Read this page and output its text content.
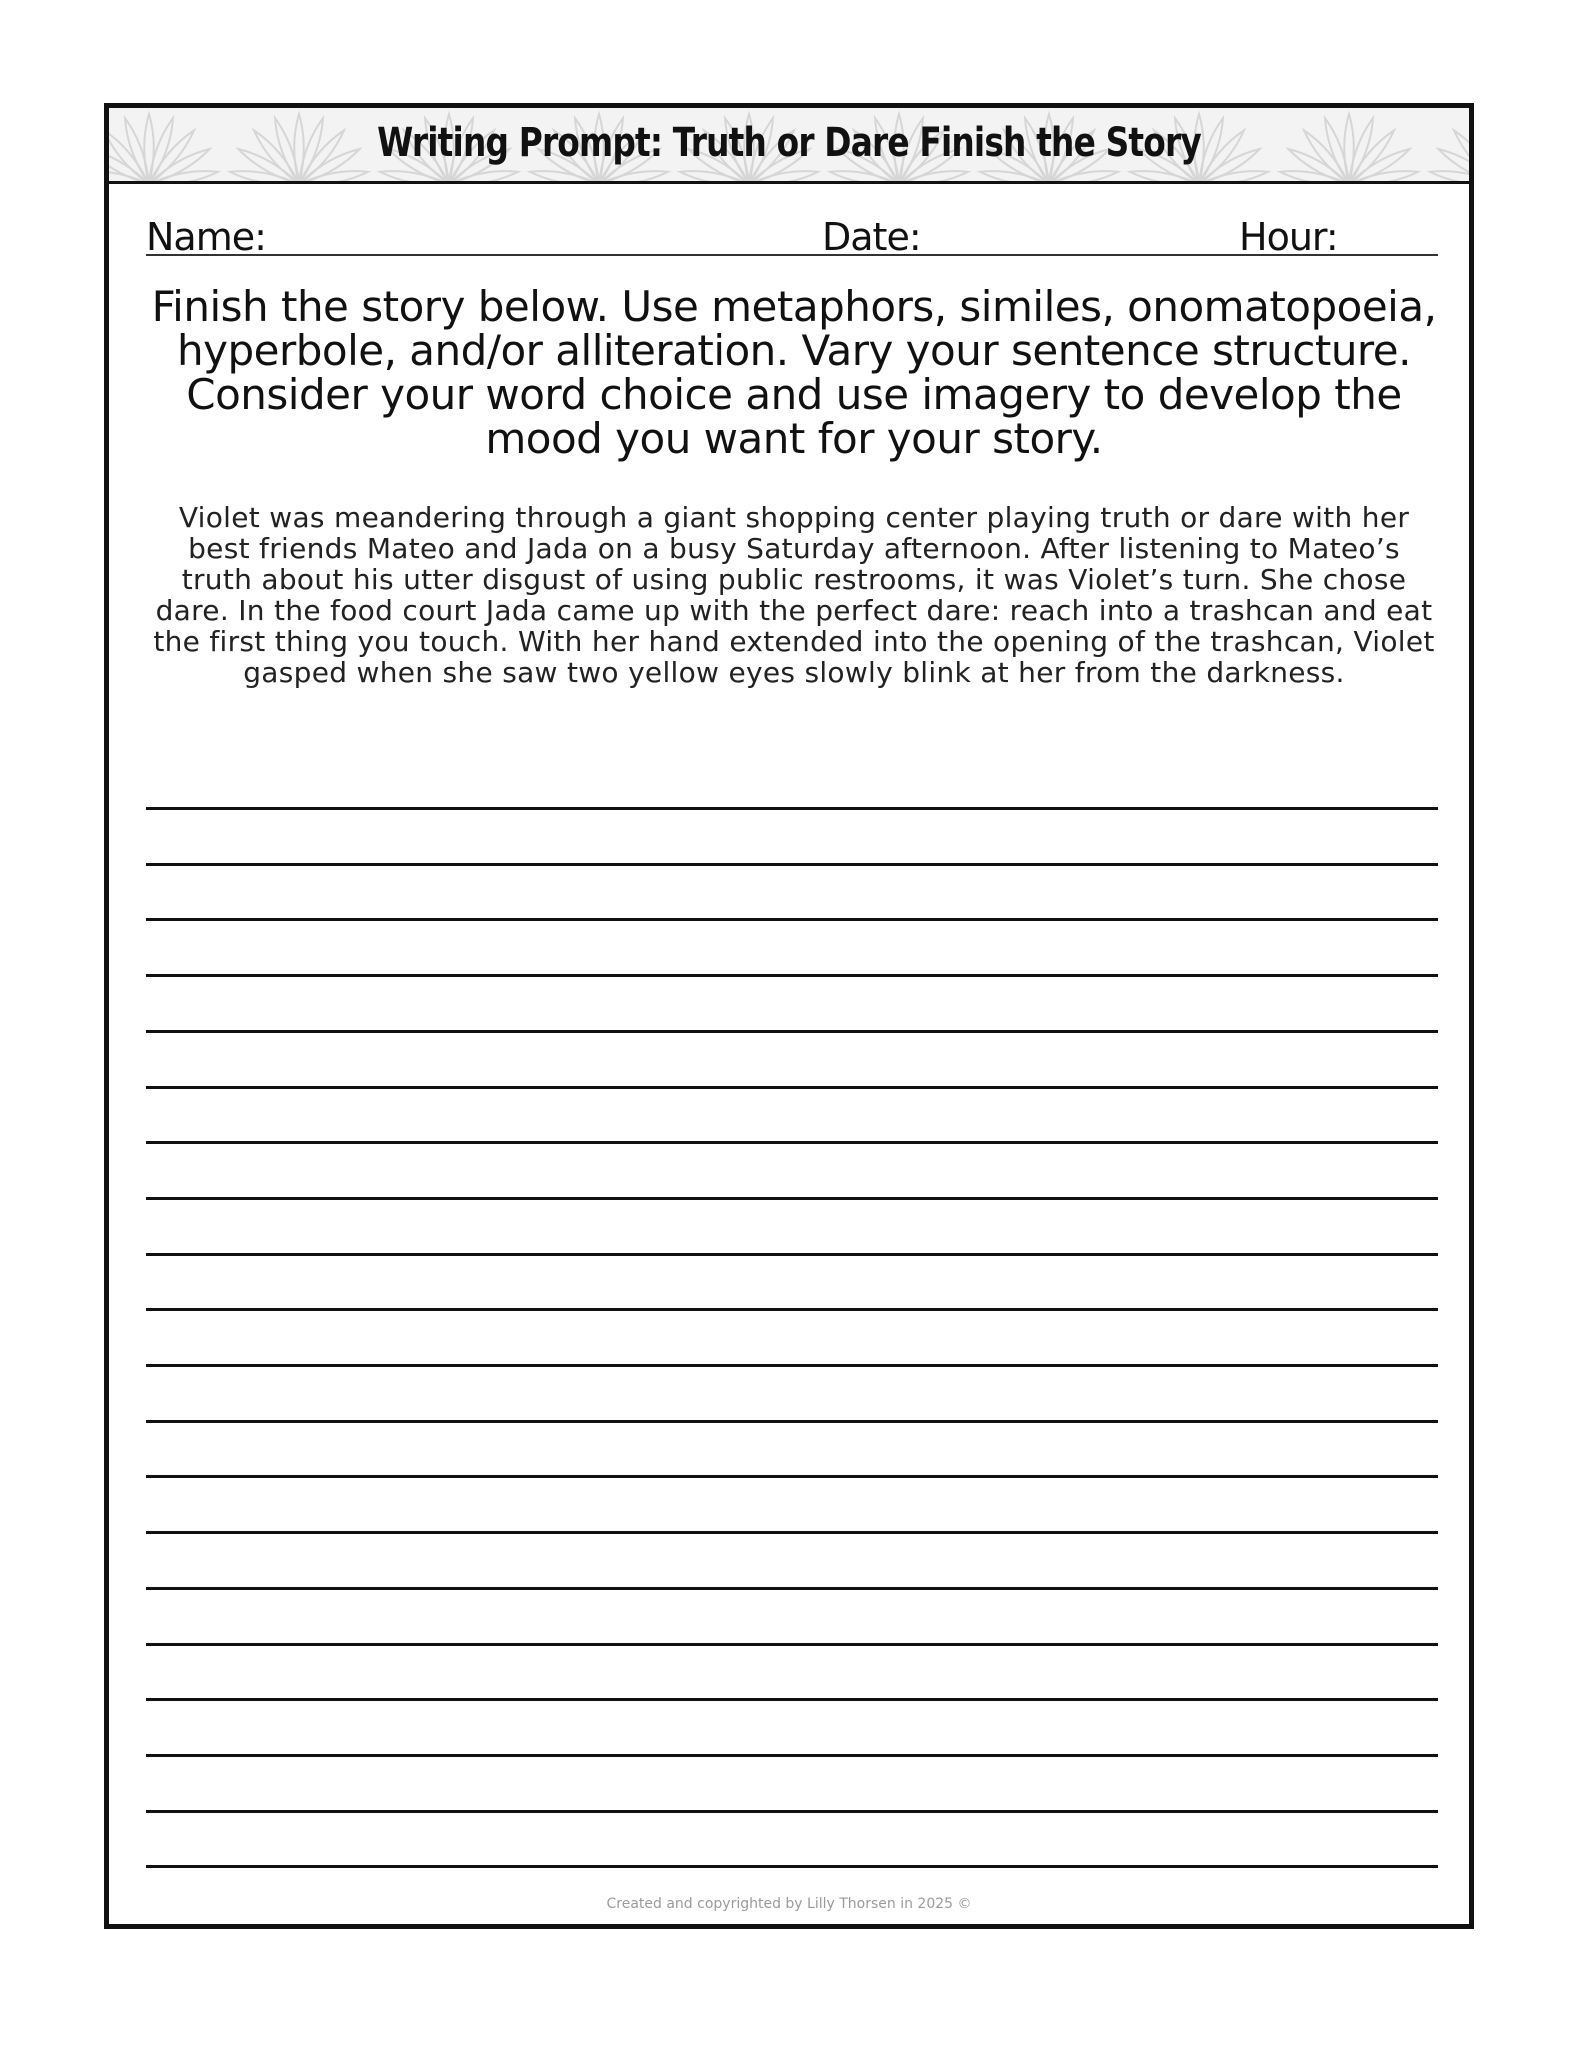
Writing Prompt: Truth or Dare Finish the Story
Name:	Date:	Hour:
Finish the story below. Use metaphors, similes, onomatopoeia, hyperbole, and/or alliteration. Vary your sentence structure. Consider your word choice and use imagery to develop the mood you want for your story.
Violet was meandering through a giant shopping center playing truth or dare with her best friends Mateo and Jada on a busy Saturday afternoon. After listening to Mateo’s truth about his utter disgust of using public restrooms, it was Violet’s turn. She chose dare. In the food court Jada came up with the perfect dare: reach into a trashcan and eat the first thing you touch. With her hand extended into the opening of the trashcan, Violet gasped when she saw two yellow eyes slowly blink at her from the darkness.
Created and copyrighted by Lilly Thorsen in 2025 ©
